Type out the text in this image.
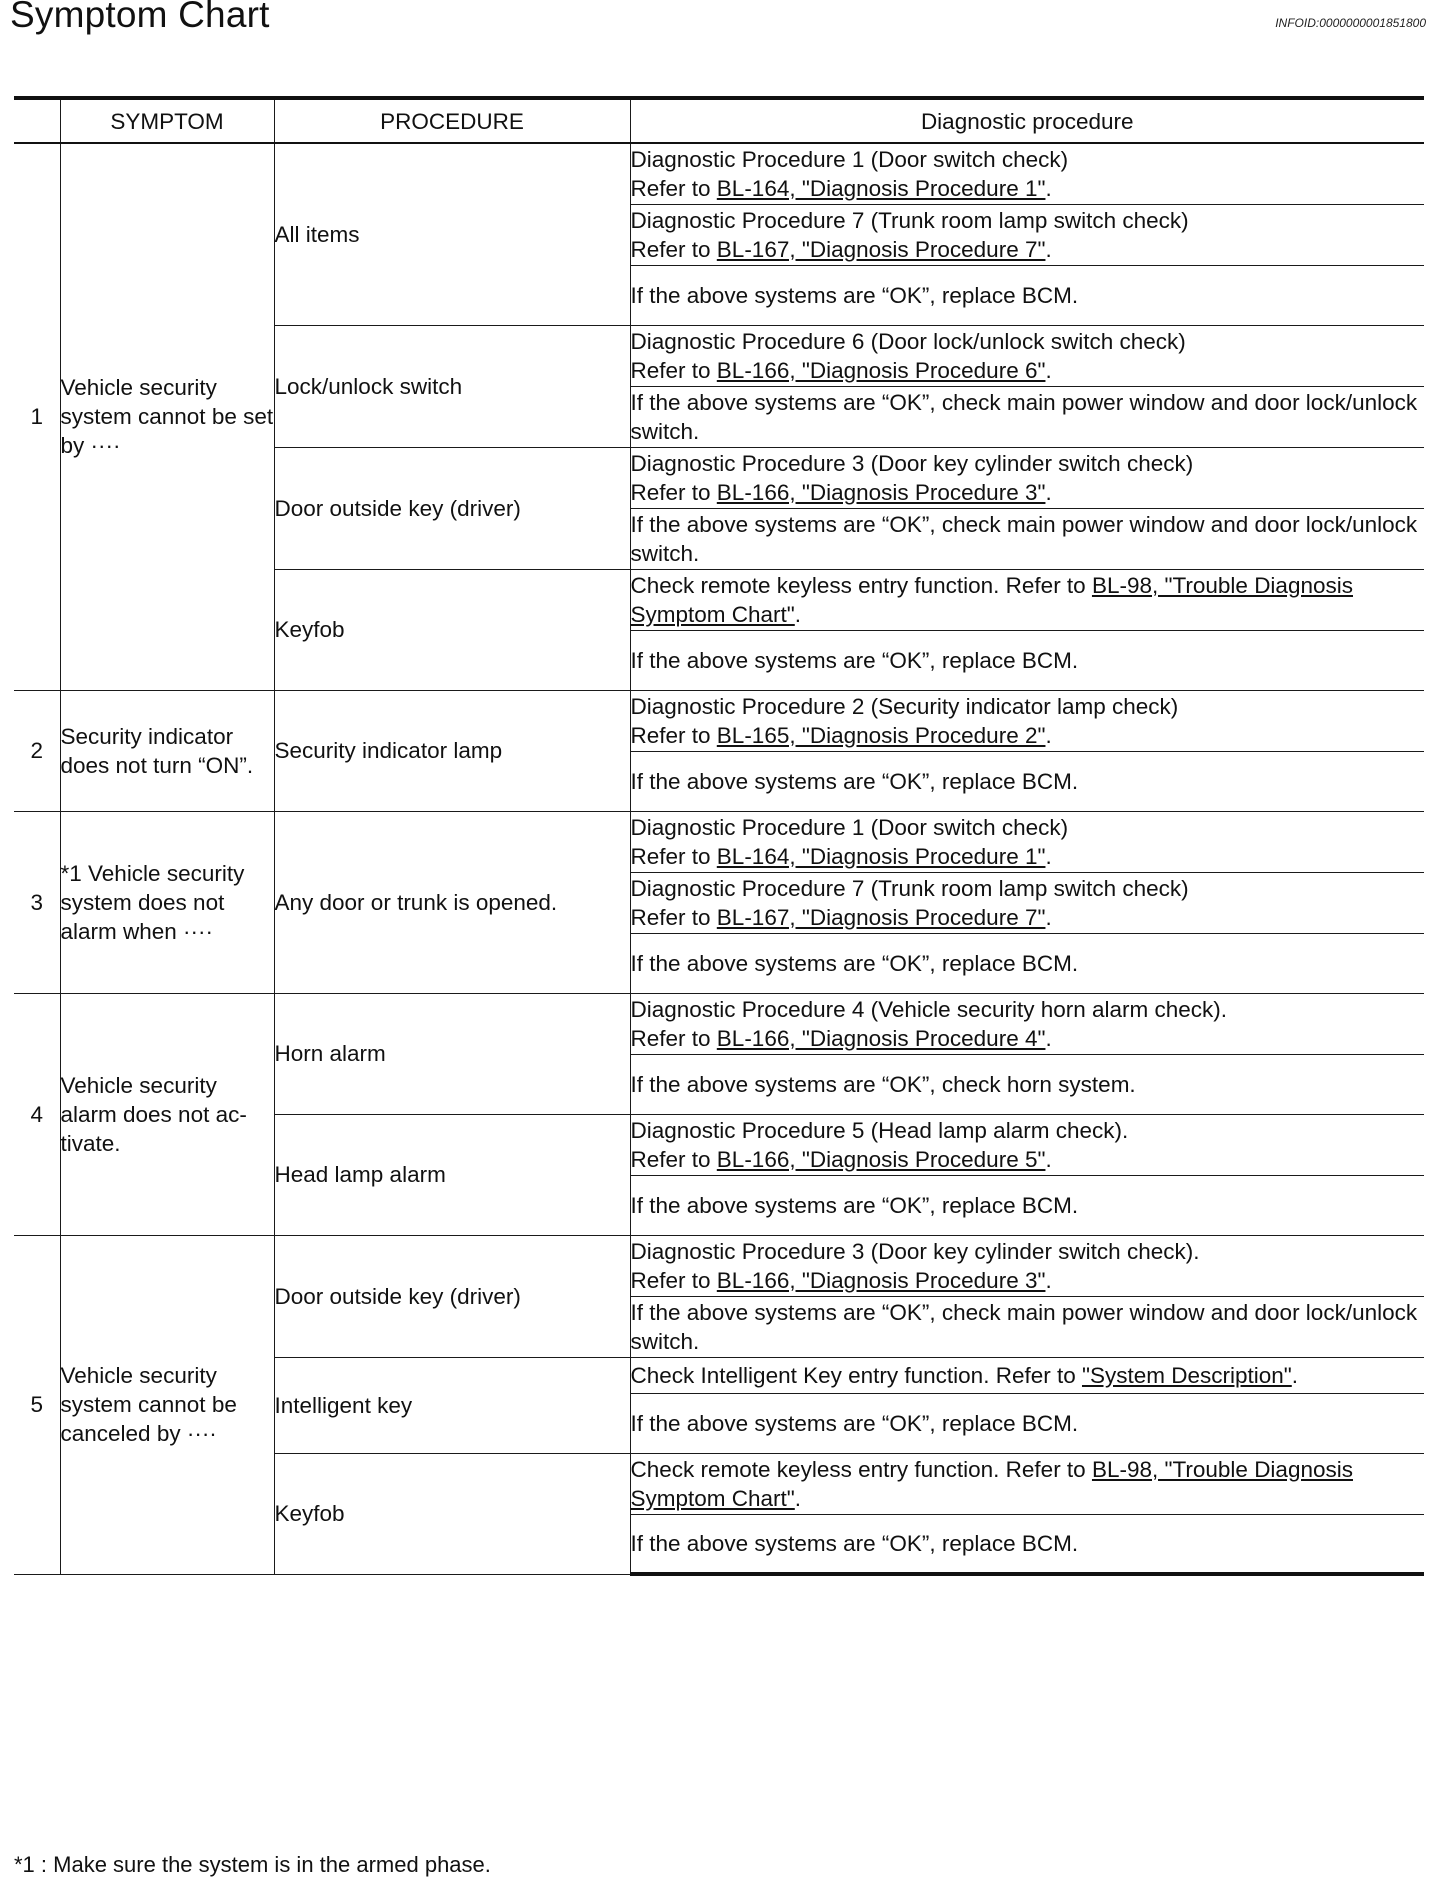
Symptom Chart	INFOID:0000000001851800
	SYMPTOM	PROCEDURE	Diagnostic procedure
1	Vehicle security system cannot be set by ····	All items	Diagnostic Procedure 1 (Door switch check)
Refer to BL-164, "Diagnosis Procedure 1".
			Diagnostic Procedure 7 (Trunk room lamp switch check)
Refer to BL-167, "Diagnosis Procedure 7".
			If the above systems are “OK”, replace BCM.
		Lock/unlock switch	Diagnostic Procedure 6 (Door lock/unlock switch check)
Refer to BL-166, "Diagnosis Procedure 6".
			If the above systems are “OK”, check main power window and door lock/unlock switch.
		Door outside key (driver)	Diagnostic Procedure 3 (Door key cylinder switch check)
Refer to BL-166, "Diagnosis Procedure 3".
			If the above systems are “OK”, check main power window and door lock/unlock switch.
		Keyfob	Check remote keyless entry function. Refer to BL-98, "Trouble Diagnosis Symptom Chart".
			If the above systems are “OK”, replace BCM.
2	Security indicator does not turn “ON”.	Security indicator lamp	Diagnostic Procedure 2 (Security indicator lamp check)
Refer to BL-165, "Diagnosis Procedure 2".
			If the above systems are “OK”, replace BCM.
3	*1 Vehicle security system does not alarm when ····	Any door or trunk is opened.	Diagnostic Procedure 1 (Door switch check)
Refer to BL-164, "Diagnosis Procedure 1".
			Diagnostic Procedure 7 (Trunk room lamp switch check)
Refer to BL-167, "Diagnosis Procedure 7".
			If the above systems are “OK”, replace BCM.
4	Vehicle security alarm does not ac-tivate.	Horn alarm	Diagnostic Procedure 4 (Vehicle security horn alarm check).
Refer to BL-166, "Diagnosis Procedure 4".
			If the above systems are “OK”, check horn system.
		Head lamp alarm	Diagnostic Procedure 5 (Head lamp alarm check).
Refer to BL-166, "Diagnosis Procedure 5".
			If the above systems are “OK”, replace BCM.
5	Vehicle security system cannot be canceled by ····	Door outside key (driver)	Diagnostic Procedure 3 (Door key cylinder switch check).
Refer to BL-166, "Diagnosis Procedure 3".
			If the above systems are “OK”, check main power window and door lock/unlock switch.
		Intelligent key	Check Intelligent Key entry function. Refer to "System Description".
			If the above systems are “OK”, replace BCM.
		Keyfob	Check remote keyless entry function. Refer to BL-98, "Trouble Diagnosis Symptom Chart".
			If the above systems are “OK”, replace BCM.
*1 : Make sure the system is in the armed phase.
